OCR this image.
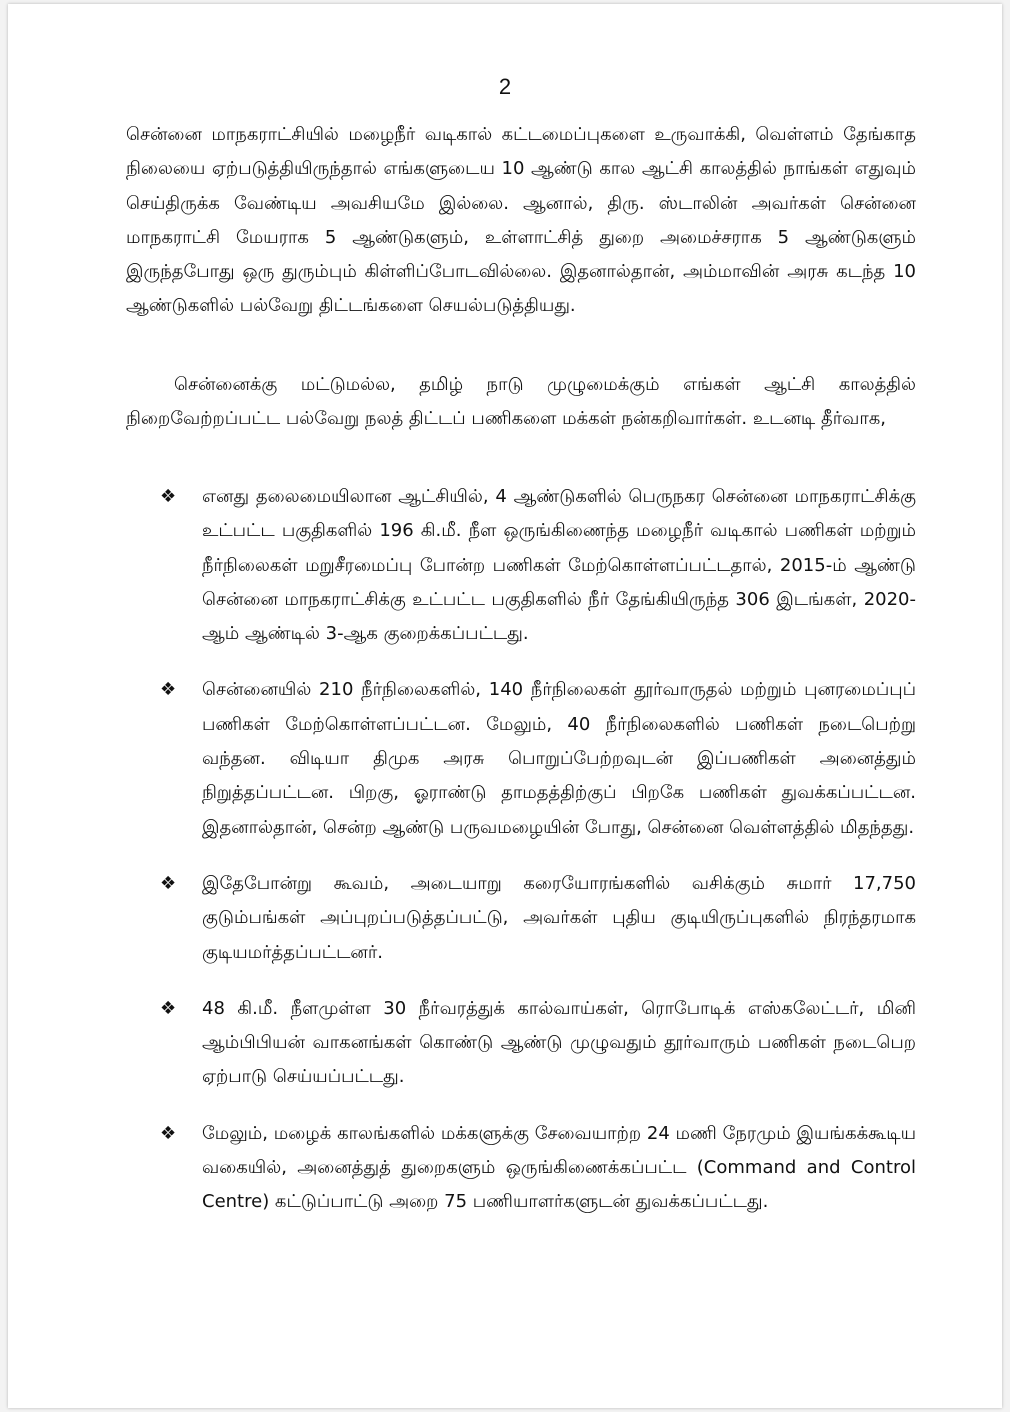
2
சென்னை மாநகராட்சியில் மழைநீர் வடிகால் கட்டமைப்புகளை உருவாக்கி, வெள்ளம் தேங்காத நிலையை ஏற்படுத்தியிருந்தால் எங்களுடைய 10 ஆண்டு கால ஆட்சி காலத்தில் நாங்கள் எதுவும் செய்திருக்க வேண்டிய அவசியமே இல்லை. ஆனால், திரு. ஸ்டாலின் அவர்கள் சென்னை மாநகராட்சி மேயராக 5 ஆண்டுகளும், உள்ளாட்சித் துறை அமைச்சராக 5 ஆண்டுகளும் இருந்தபோது ஒரு துரும்பும் கிள்ளிப்போடவில்லை. இதனால்தான், அம்மாவின் அரசு கடந்த 10 ஆண்டுகளில் பல்வேறு திட்டங்களை செயல்படுத்தியது.
சென்னைக்கு மட்டுமல்ல, தமிழ் நாடு முழுமைக்கும் எங்கள் ஆட்சி காலத்தில் நிறைவேற்றப்பட்ட பல்வேறு நலத் திட்டப் பணிகளை மக்கள் நன்கறிவார்கள். உடனடி தீர்வாக,
❖ எனது தலைமையிலான ஆட்சியில், 4 ஆண்டுகளில் பெருநகர சென்னை மாநகராட்சிக்கு உட்பட்ட பகுதிகளில் 196 கி.மீ. நீள ஒருங்கிணைந்த மழைநீர் வடிகால் பணிகள் மற்றும் நீர்நிலைகள் மறுசீரமைப்பு போன்ற பணிகள் மேற்கொள்ளப்பட்டதால், 2015-ம் ஆண்டு சென்னை மாநகராட்சிக்கு உட்பட்ட பகுதிகளில் நீர் தேங்கியிருந்த 306 இடங்கள், 2020-ஆம் ஆண்டில் 3-ஆக குறைக்கப்பட்டது.
❖ சென்னையில் 210 நீர்நிலைகளில், 140 நீர்நிலைகள் தூர்வாருதல் மற்றும் புனரமைப்புப் பணிகள் மேற்கொள்ளப்பட்டன. மேலும், 40 நீர்நிலைகளில் பணிகள் நடைபெற்று வந்தன. விடியா திமுக அரசு பொறுப்பேற்றவுடன் இப்பணிகள் அனைத்தும் நிறுத்தப்பட்டன. பிறகு, ஓராண்டு தாமதத்திற்குப் பிறகே பணிகள் துவக்கப்பட்டன. இதனால்தான், சென்ற ஆண்டு பருவமழையின் போது, சென்னை வெள்ளத்தில் மிதந்தது.
❖ இதேபோன்று கூவம், அடையாறு கரையோரங்களில் வசிக்கும் சுமார் 17,750 குடும்பங்கள் அப்புறப்படுத்தப்பட்டு, அவர்கள் புதிய குடியிருப்புகளில் நிரந்தரமாக குடியமர்த்தப்பட்டனர்.
❖ 48 கி.மீ. நீளமுள்ள 30 நீர்வரத்துக் கால்வாய்கள், ரொபோடிக் எஸ்கலேட்டர், மினி ஆம்பிபியன் வாகனங்கள் கொண்டு ஆண்டு முழுவதும் தூர்வாரும் பணிகள் நடைபெற ஏற்பாடு செய்யப்பட்டது.
❖ மேலும், மழைக் காலங்களில் மக்களுக்கு சேவையாற்ற 24 மணி நேரமும் இயங்கக்கூடிய வகையில், அனைத்துத் துறைகளும் ஒருங்கிணைக்கப்பட்ட (Command and Control Centre) கட்டுப்பாட்டு அறை 75 பணியாளர்களுடன் துவக்கப்பட்டது.
